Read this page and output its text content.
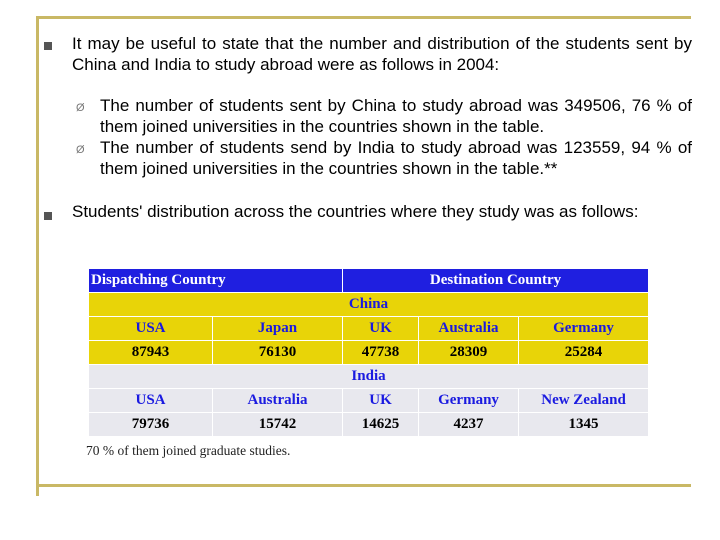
It may be useful to state that the number and distribution of the students sent by China and India to study abroad were as follows in 2004:
Ø The number of students sent by China to study abroad was 349506, 76 % of them joined universities in the countries shown in the table.
Ø The number of students send by India to study abroad was 123559, 94 % of them joined universities in the countries shown in the table.**
Students' distribution across the countries where they study was as follows:
Dispatching Country		Destination Country		
China				
USA	Japan	UK	Australia	Germany
87943	76130	47738	28309	25284
India				
USA	Australia	UK	Germany	New Zealand
79736	15742	14625	4237	1345
70 % of them joined graduate studies.
